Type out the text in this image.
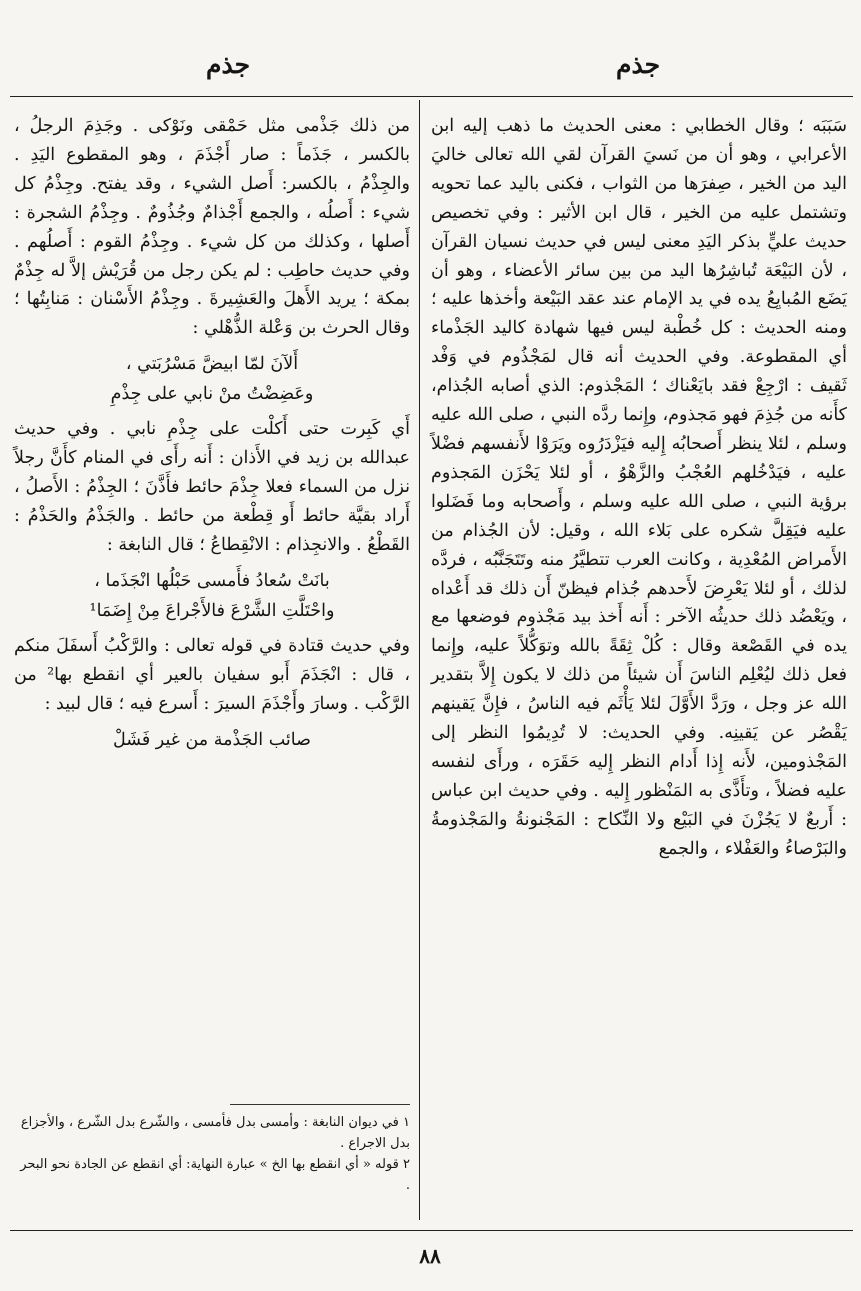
جذم
جذم

سَبَبَه ؛ وقال الخطابي : معنى الحديث ما ذهب إليه ابن الأعرابي ، وهو أن من نَسيَ القرآن لقي الله تعالى خاليَ اليد من الخير ، صِفرَها من الثواب ، فكنى باليد عما تحويه وتشتمل عليه من الخير ، قال ابن الأثير : وفي تخصيص حديث عليٍّ بذكر اليَدِ معنى ليس في حديث نسيان القرآن ، لأن البَيْعَة تُباشِرُها اليد من بين سائر الأعضاء ، وهو أن يَضَع المُبايِعُ يده في يد الإمام عند عقد البَيْعة وأخذها عليه ؛ ومنه الحديث : كل خُطْبة ليس فيها شهادة كاليد الجَذْماء أي المقطوعة. وفي الحديث أنه قال لمَجْذُوم في وَفْد ثَقيف : ارْجِعْ فقد بايَعْناك ؛ المَجْذوم: الذي أصابه الجُذام، كأَنه من جُذِمَ فهو مَجذوم، وإِنما ردَّه النبي ، صلى الله عليه وسلم ، لئلا ينظر أَصحابُه إِليه فيَزْدَرُوه ويَرَوْا لأَنفسهم فضْلاً عليه ، فيَدْخُلهم العُجْبُ والزَّهْوُ ، أو لئلا يَحْزَن المَجذوم برؤية النبي ، صلى الله عليه وسلم ، وأَصحابه وما فَضَلوا عليه فيَقِلَّ شكره على بَلاء الله ، وقيل: لأن الجُذام من الأَمراض المُعْدِية ، وكانت العرب تتطيَّرُ منه وتَتَجَنَّبُه ، فردَّه لذلك ، أو لئلا يَعْرِضَ لأَحدهم جُذام فيظنّ أَن ذلك قد أَعْداه ، ويَعْضُد ذلك حديثُه الآخر : أَنه أَخذ بيد مَجْذوم فوضعها مع يده في القَصْعة وقال : كُلْ ثِقَةً بالله وتوَكُّلاً عليه، وإِنما فعل ذلك ليُعْلِم الناسَ أَن شيئاً من ذلك لا يكون إِلاَّ بتقدير الله عز وجل ، ورَدَّ الأَوَّلَ لئلا يَأْثَم فيه الناسُ ، فإِنَّ يَقينهم يَقْصُر عن يَقينِه. وفي الحديث: لا تُدِيمُوا النظر إلى المَجْذومين، لأَنه إِذا أَدام النظر إِليه حَقَرَه ، ورأَى لنفسه عليه فضلاً ، وتأَذَّى به المَنْظور إِليه . وفي حديث ابن عباس : أَربعٌ لا يَجُزْنَ في البَيْع ولا النِّكاح : المَجْنونةُ والمَجْذومةُ والبَرْصاءُ والعَفْلاء ، والجمع

من ذلك جَذْمى مثل حَمْقى ونَوْكى . وجَذِمَ الرجلُ ، بالكسر ، جَذَماً : صار أَجْذَمَ ، وهو المقطوع اليَدِ . والجِذْمُ ، بالكسر: أَصل الشيء ، وقد يفتح. وجِذْمُ كل شيء : أَصلُه ، والجمع أَجْذامٌ وجُذُومٌ . وجِذْمُ الشجرة : أَصلها ، وكذلك من كل شيء . وجِذْمُ القوم : أَصلُهم . وفي حديث حاطِب : لم يكن رجل من قُرَيْش إلاَّ له جِذْمٌ بمكة ؛ يريد الأَهلَ والعَشِيرةَ . وجِذْمُ الأَسْنان : مَنابِتُها ؛ وقال الحرث بن وَعْلة الذُّهْلي :

أَلآنَ لمّا ابيضَّ مَسْرُبَتي ،
وعَضِضْتُ منْ نابي على جِذْمِ

أَي كَبِرت حتى أَكلْت على جِذْمِ نابي . وفي حديث عبدالله بن زيد في الأَذان : أَنه رأَى في المنام كأَنَّ رجلاً نزل من السماء فعلا جِذْمَ حائط فأَذَّنَ ؛ الجِذْمُ : الأَصلُ ، أَراد بقيَّة حائط أَو قِطْعة من حائط . والجَذْمُ والحَذْمُ : القَطْعُ . والانجِذام : الانْقِطاعُ ؛ قال النابغة :

بانَتْ سُعادُ فأَمسى حَبْلُها انْجَذَما ،
واحْتَلَّتِ الشَّرْعَ فالأَجْراعَ مِنْ إِضَمَا¹

وفي حديث قتادة في قوله تعالى : والرَّكْبُ أَسفَلَ منكم ، قال : انْجَذَمَ أَبو سفيان بالعير أي انقطع بها² من الرَّكْب . وسارَ وأَجْذَمَ السيرَ : أَسرع فيه ؛ قال لبيد :

صائب الجَذْمة من غير فَشَلْ

١ في ديوان النابغة : وأمسى بدل فأمسى ، والشّرع بدل الشّرع ، والأجزاع بدل الاجراع .

٢ قوله « أي انقطع بها الخ » عبارة النهاية: أي انقطع عن الجادة نحو البحر .

٨٨
